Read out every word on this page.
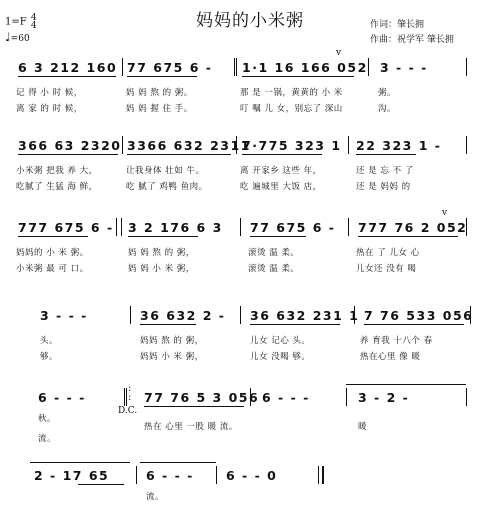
妈妈的小米粥	作词：肇长拥
作曲：祝学军 肇长拥
1=F 4
4
♩=60
6 3 212 160 77 675 6 - 1·1 16 166 052 3 - - -
v
记 得 小 时 候，	妈 妈 熬 的 粥。	那 是 一锅，黄黄的 小 米	粥。
离 家 的 时 候，	妈 妈 握 住 手。	叮 嘱 儿 女，别忘了 深山	沟。
366 63 2320 3366 632 2311
7·775 323 1 22 323 1 -
小米粥 把我 养 大，	让我身体 壮如 牛。	离 开家乡 这些 年，	还 是 忘 不 了
吃腻了 生猛 海 鲜，	吃 腻了 鸡鸭 鱼肉。	吃 遍城里 大饭 店，	还 是 妈妈 的
777 675 6 - 3 2 176 6 3 77 675 6 - 777 76 2 052
v
妈妈的 小 米 粥。	妈 妈 熬 的 粥，	滚烫 温 柔。	热在 了 儿女 心
小米粥 最 可 口。	妈 妈 小 米 粥，	滚烫 温 柔。	儿女还 没有 喝
3 - - -	36 632 2 - 36 632 231 1 7 76 533 056
头。	妈妈 熬 的 粥，	儿女 记心 头。	养 育我 十八个 春
够。	妈妈 小 米 粥，	儿女 没喝 够。	热在心里 像 暖
:
:
6 - - -	77 76 5 3 056 6 - - -	3 - 2 -
D.C.
秋。
热在 心里 一股 暖 流。	暖
流。
2 - 17 65	6 - - -	6 - - 0
流。
